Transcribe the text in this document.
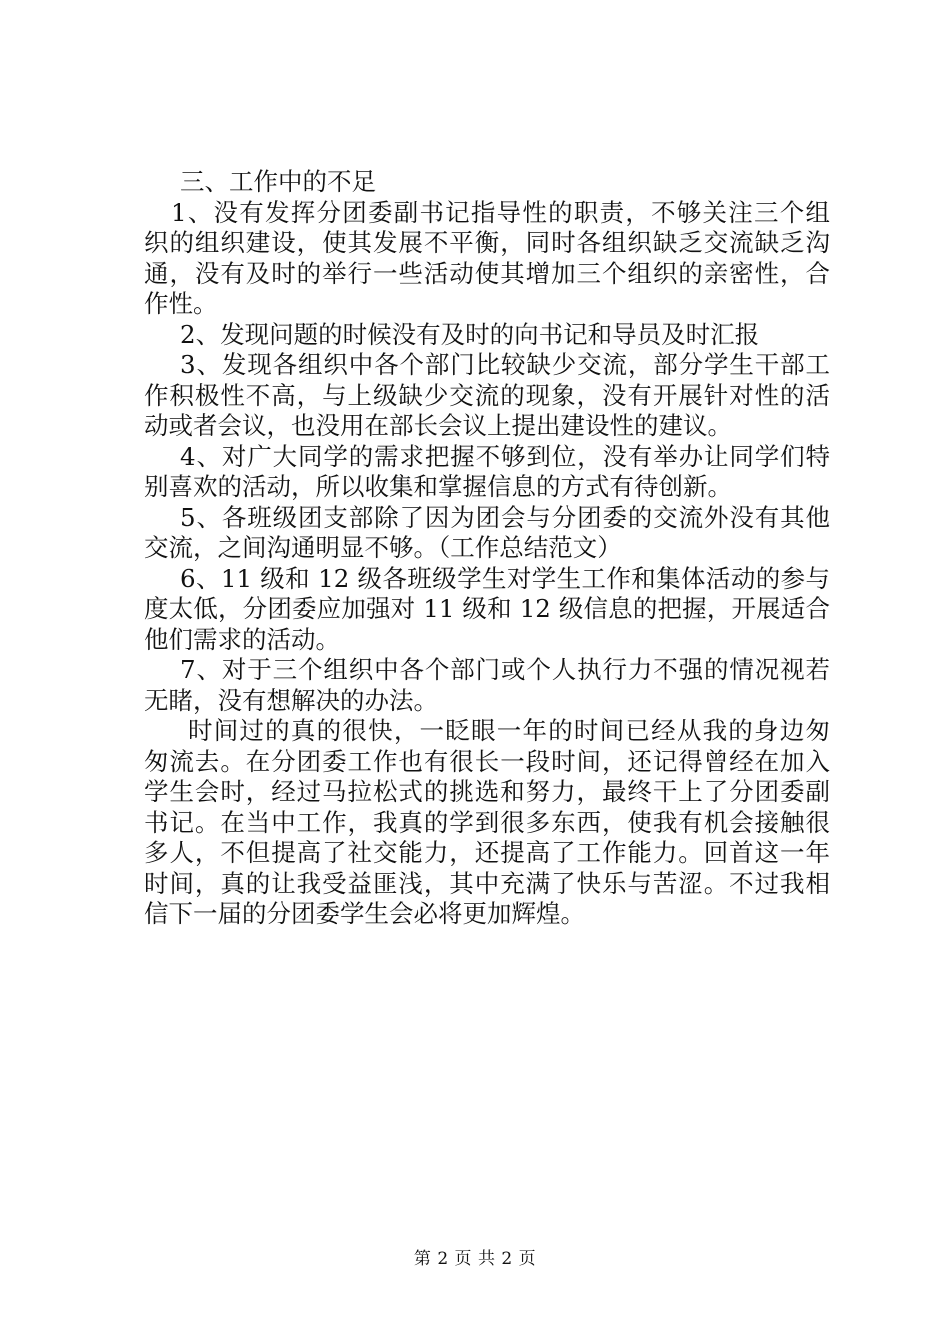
三、工作中的不足
1、没有发挥分团委副书记指导性的职责，不够关注三个组
织的组织建设，使其发展不平衡，同时各组织缺乏交流缺乏沟
通，没有及时的举行一些活动使其增加三个组织的亲密性，合
作性。
2、发现问题的时候没有及时的向书记和导员及时汇报
3、发现各组织中各个部门比较缺少交流，部分学生干部工
作积极性不高，与上级缺少交流的现象，没有开展针对性的活
动或者会议，也没用在部长会议上提出建设性的建议。
4、对广大同学的需求把握不够到位，没有举办让同学们特
别喜欢的活动，所以收集和掌握信息的方式有待创新。
5、各班级团支部除了因为团会与分团委的交流外没有其他
交流，之间沟通明显不够。（工作总结范文）
6、11 级和 12 级各班级学生对学生工作和集体活动的参与
度太低，分团委应加强对 11 级和 12 级信息的把握，开展适合
他们需求的活动。
7、对于三个组织中各个部门或个人执行力不强的情况视若
无睹，没有想解决的办法。
时间过的真的很快，一眨眼一年的时间已经从我的身边匆
匆流去。在分团委工作也有很长一段时间，还记得曾经在加入
学生会时，经过马拉松式的挑选和努力，最终干上了分团委副
书记。在当中工作，我真的学到很多东西，使我有机会接触很
多人，不但提高了社交能力，还提高了工作能力。回首这一年
时间，真的让我受益匪浅，其中充满了快乐与苦涩。不过我相
信下一届的分团委学生会必将更加辉煌。
第 2 页 共 2 页
